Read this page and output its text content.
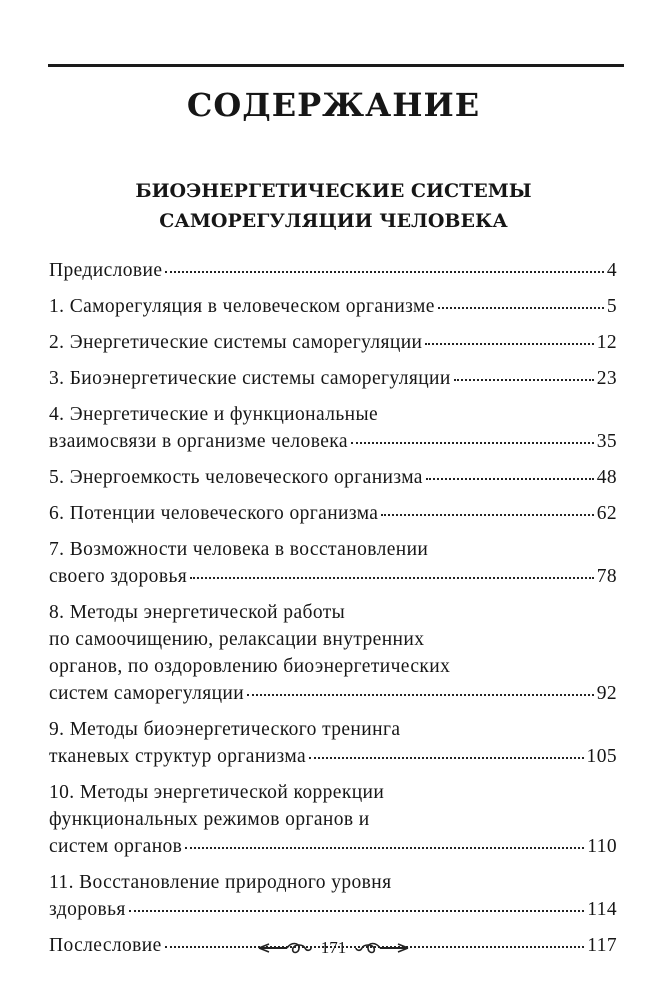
СОДЕРЖАНИЕ
БИОЭНЕРГЕТИЧЕСКИЕ СИСТЕМЫ
САМОРЕГУЛЯЦИИ ЧЕЛОВЕКА
Предисловие	4
1. Саморегуляция в человеческом организме	5
2. Энергетические системы саморегуляции	12
3. Биоэнергетические системы саморегуляции	23
4. Энергетические и функциональные
взаимосвязи в организме человека	35
5. Энергоемкость человеческого организма	48
6. Потенции человеческого организма	62
7. Возможности человека в восстановлении
своего здоровья	78
8. Методы энергетической работы
по самоочищению, релаксации внутренних
органов, по оздоровлению биоэнергетических
систем саморегуляции	92
9. Методы биоэнергетического тренинга
тканевых структур организма	105
10. Методы энергетической коррекции
функциональных режимов органов и
систем органов	110
11. Восстановление природного уровня
здоровья	114
Послесловие	117
171
